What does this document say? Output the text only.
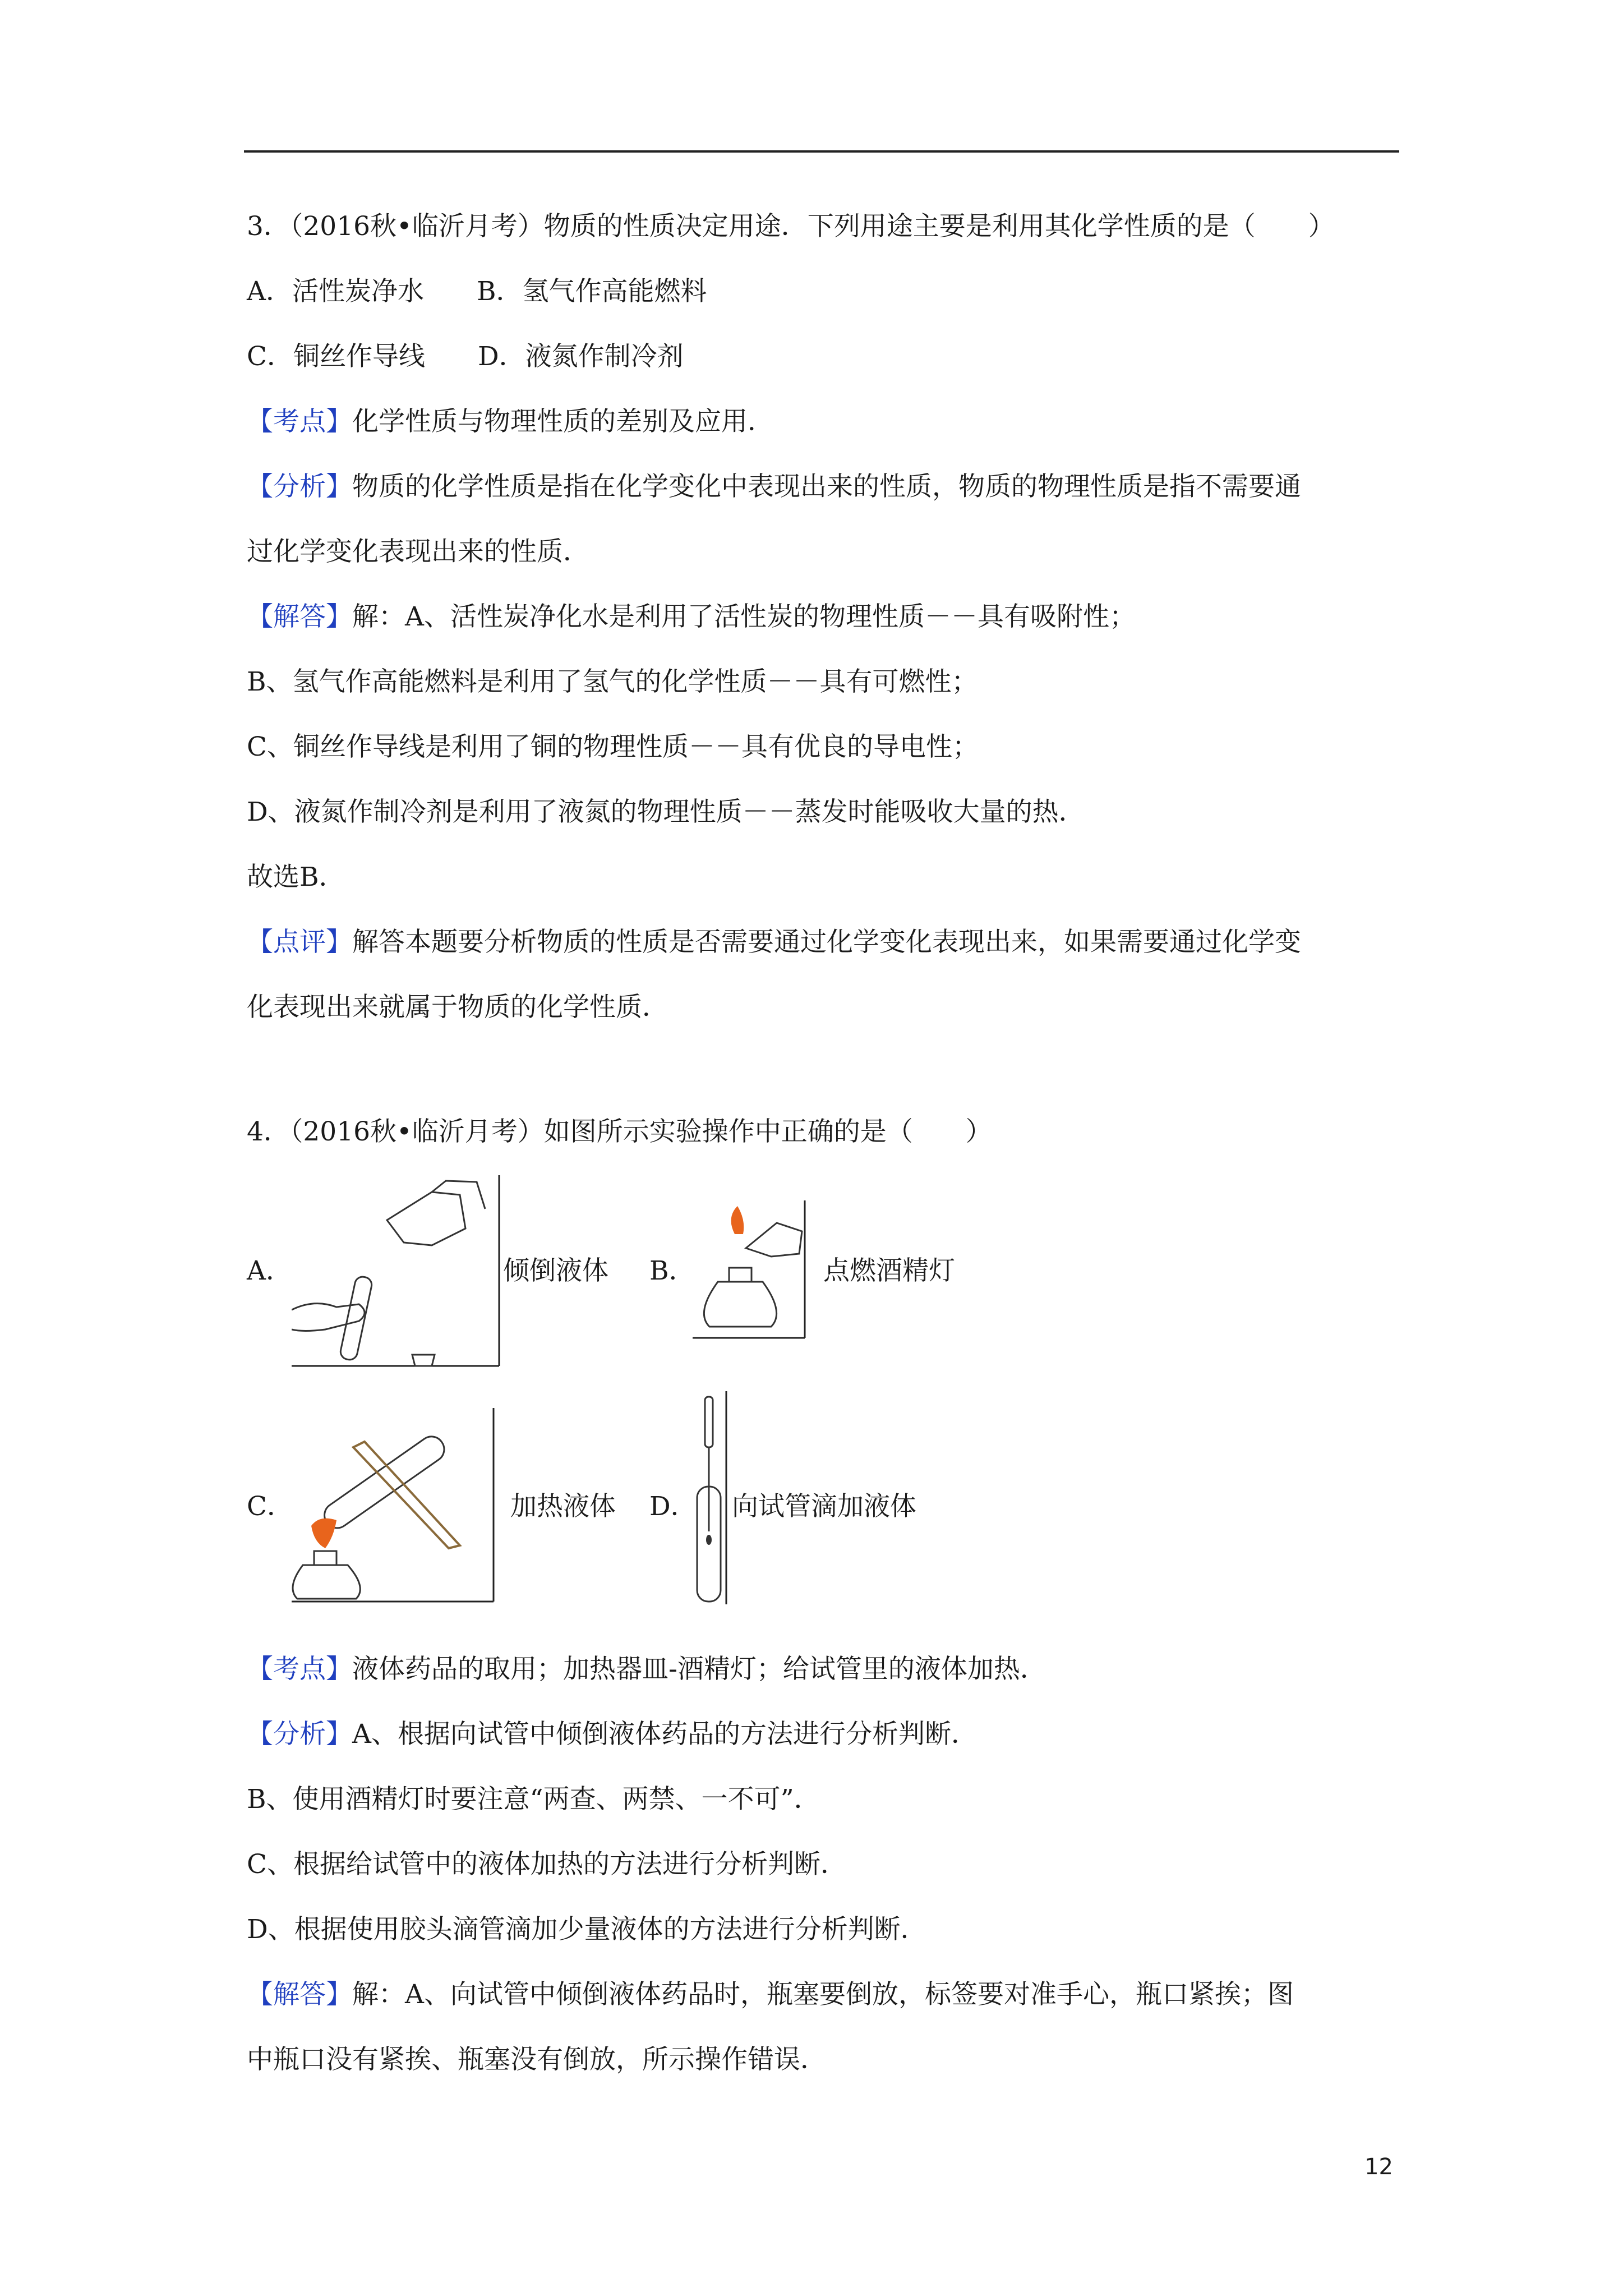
3．（2016秋•临沂月考）物质的性质决定用途．下列用途主要是利用其化学性质的是（　　）
A．活性炭净水　　B．氢气作高能燃料
C．铜丝作导线　　D．液氮作制冷剂
【考点】化学性质与物理性质的差别及应用．
【分析】物质的化学性质是指在化学变化中表现出来的性质，物质的物理性质是指不需要通
过化学变化表现出来的性质．
【解答】解：A、活性炭净化水是利用了活性炭的物理性质－－具有吸附性；
B、氢气作高能燃料是利用了氢气的化学性质－－具有可燃性；
C、铜丝作导线是利用了铜的物理性质－－具有优良的导电性；
D、液氮作制冷剂是利用了液氮的物理性质－－蒸发时能吸收大量的热．
故选B．
【点评】解答本题要分析物质的性质是否需要通过化学变化表现出来，如果需要通过化学变
化表现出来就属于物质的化学性质．
4．（2016秋•临沂月考）如图所示实验操作中正确的是（　　）
A．	倾倒液体 B．	点燃酒精灯
C．	加热液体 D． 向试管滴加液体
【考点】液体药品的取用；加热器皿-酒精灯；给试管里的液体加热．
【分析】A、根据向试管中倾倒液体药品的方法进行分析判断．
B、使用酒精灯时要注意“两查、两禁、一不可”．
C、根据给试管中的液体加热的方法进行分析判断．
D、根据使用胶头滴管滴加少量液体的方法进行分析判断．
【解答】解：A、向试管中倾倒液体药品时，瓶塞要倒放，标签要对准手心，瓶口紧挨；图
中瓶口没有紧挨、瓶塞没有倒放，所示操作错误．
12
